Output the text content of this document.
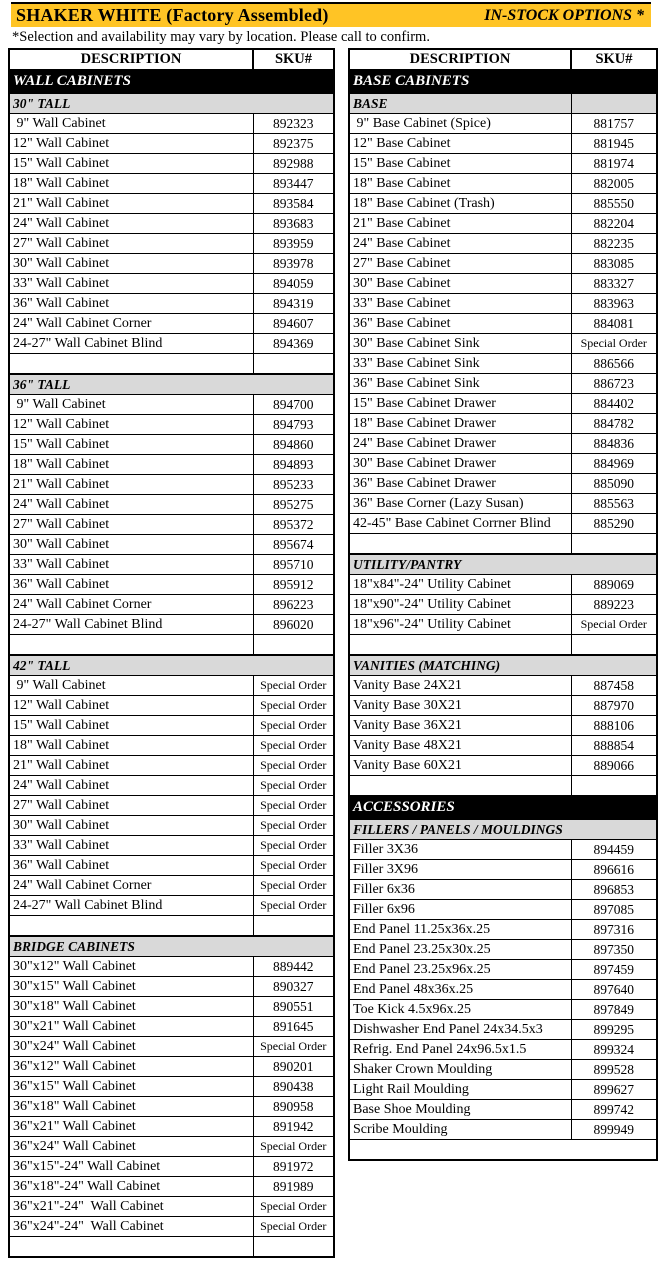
SHAKER WHITE (Factory Assembled)	IN-STOCK OPTIONS *
*Selection and availability may vary by location. Please call to confirm.
DESCRIPTION	SKU#
WALL CABINETS	
30" TALL	
9" Wall Cabinet	892323
12" Wall Cabinet	892375
15" Wall Cabinet	892988
18" Wall Cabinet	893447
21" Wall Cabinet	893584
24" Wall Cabinet	893683
27" Wall Cabinet	893959
30" Wall Cabinet	893978
33" Wall Cabinet	894059
36" Wall Cabinet	894319
24" Wall Cabinet Corner	894607
24-27" Wall Cabinet Blind	894369

36" TALL	
9" Wall Cabinet	894700
12" Wall Cabinet	894793
15" Wall Cabinet	894860
18" Wall Cabinet	894893
21" Wall Cabinet	895233
24" Wall Cabinet	895275
27" Wall Cabinet	895372
30" Wall Cabinet	895674
33" Wall Cabinet	895710
36" Wall Cabinet	895912
24" Wall Cabinet Corner	896223
24-27" Wall Cabinet Blind	896020

42" TALL	
9" Wall Cabinet	Special Order
12" Wall Cabinet	Special Order
15" Wall Cabinet	Special Order
18" Wall Cabinet	Special Order
21" Wall Cabinet	Special Order
24" Wall Cabinet	Special Order
27" Wall Cabinet	Special Order
30" Wall Cabinet	Special Order
33" Wall Cabinet	Special Order
36" Wall Cabinet	Special Order
24" Wall Cabinet Corner	Special Order
24-27" Wall Cabinet Blind	Special Order

BRIDGE CABINETS	
30"x12" Wall Cabinet	889442
30"x15" Wall Cabinet	890327
30"x18" Wall Cabinet	890551
30"x21" Wall Cabinet	891645
30"x24" Wall Cabinet	Special Order
36"x12" Wall Cabinet	890201
36"x15" Wall Cabinet	890438
36"x18" Wall Cabinet	890958
36"x21" Wall Cabinet	891942
36"x24" Wall Cabinet	Special Order
36"x15"-24" Wall Cabinet	891972
36"x18"-24" Wall Cabinet	891989
36"x21"-24"  Wall Cabinet	Special Order
36"x24"-24"  Wall Cabinet	Special Order

DESCRIPTION	SKU#
BASE CABINETS	
BASE	
9" Base Cabinet (Spice)	881757
12" Base Cabinet	881945
15" Base Cabinet	881974
18" Base Cabinet	882005
18" Base Cabinet (Trash)	885550
21" Base Cabinet	882204
24" Base Cabinet	882235
27" Base Cabinet	883085
30" Base Cabinet	883327
33" Base Cabinet	883963
36" Base Cabinet	884081
30" Base Cabinet Sink	Special Order
33" Base Cabinet Sink	886566
36" Base Cabinet Sink	886723
15" Base Cabinet Drawer	884402
18" Base Cabinet Drawer	884782
24" Base Cabinet Drawer	884836
30" Base Cabinet Drawer	884969
36" Base Cabinet Drawer	885090
36" Base Corner (Lazy Susan)	885563
42-45" Base Cabinet Corrner Blind	885290

UTILITY/PANTRY	
18"x84"-24" Utility Cabinet	889069
18"x90"-24" Utility Cabinet	889223
18"x96"-24" Utility Cabinet	Special Order

VANITIES (MATCHING)	
Vanity Base 24X21	887458
Vanity Base 30X21	887970
Vanity Base 36X21	888106
Vanity Base 48X21	888854
Vanity Base 60X21	889066

ACCESSORIES	
FILLERS / PANELS / MOULDINGS	
Filler 3X36	894459
Filler 3X96	896616
Filler 6x36	896853
Filler 6x96	897085
End Panel 11.25x36x.25	897316
End Panel 23.25x30x.25	897350
End Panel 23.25x96x.25	897459
End Panel 48x36x.25	897640
Toe Kick 4.5x96x.25	897849
Dishwasher End Panel 24x34.5x3	899295
Refrig. End Panel 24x96.5x1.5	899324
Shaker Crown Moulding	899528
Light Rail Moulding	899627
Base Shoe Moulding	899742
Scribe Moulding	899949
